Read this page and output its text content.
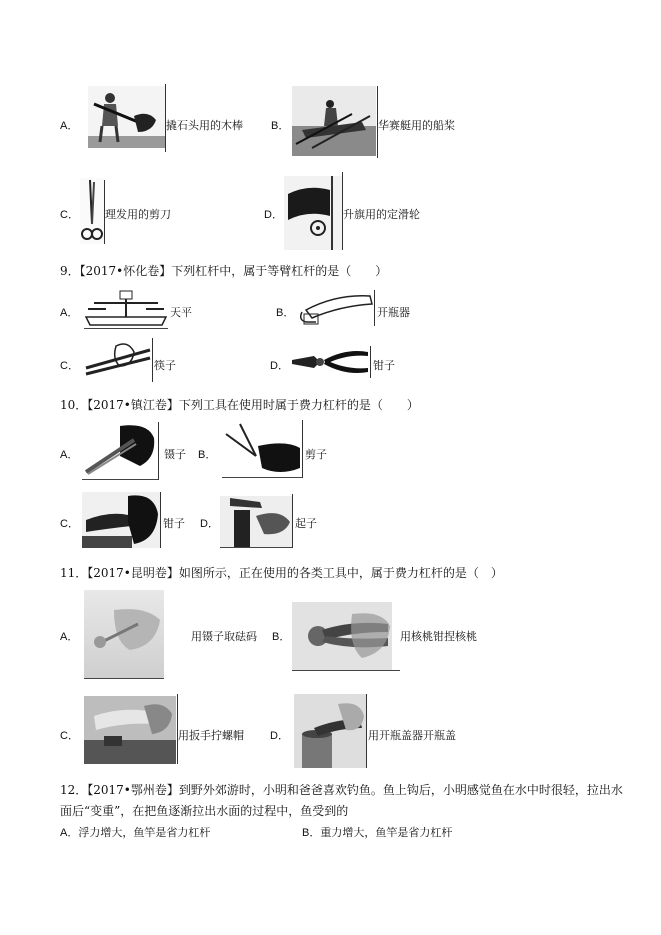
A．	撬石头用的木棒	B．	华赛艇用的船桨
C． 理发用的剪刀	D．	升旗用的定滑轮
9．【2017•怀化卷】下列杠杆中，属于等臂杠杆的是（　　）
A．	天平	B．	开瓶器
C．	筷子	D．	钳子
10．【2017•镇江卷】下列工具在使用时属于费力杠杆的是（　　）
A．	镊子 B．	剪子
C．	钳子 D．	起子
11．【2017•昆明卷】如图所示，正在使用的各类工具中，属于费力杠杆的是（　）
A．	用镊子取砝码 B．	用核桃钳捏核桃
C．	用扳手拧螺帽 D．	用开瓶盖器开瓶盖
12．【2017•鄂州卷】到野外郊游时，小明和爸爸喜欢钓鱼。鱼上钩后，小明感觉鱼在水中时很轻，拉出水
面后“变重”，在把鱼逐渐拉出水面的过程中，鱼受到的
A．浮力增大，鱼竿是省力杠杆	B．重力增大，鱼竿是省力杠杆
